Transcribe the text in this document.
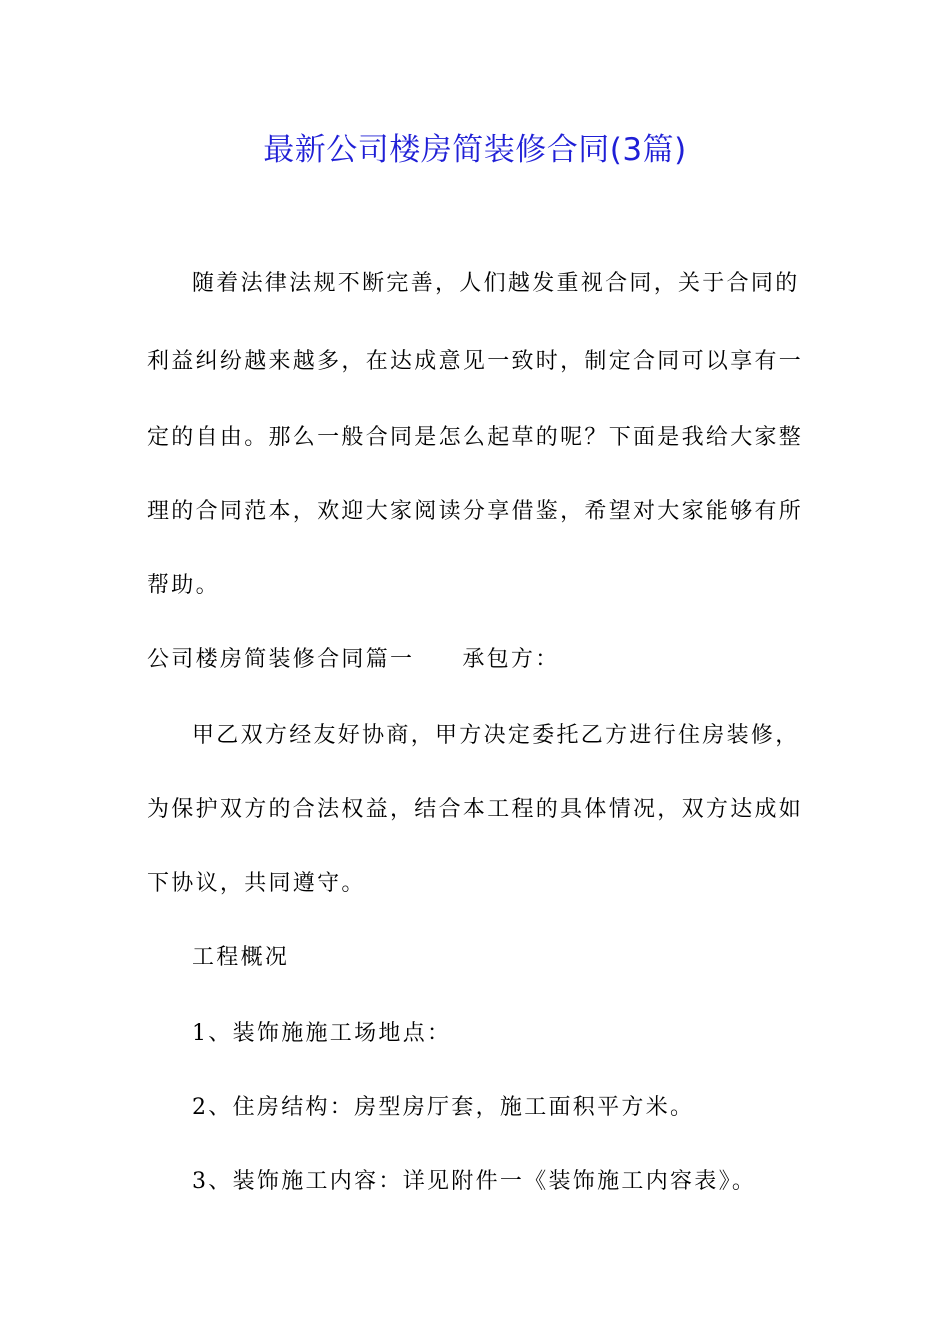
最新公司楼房简装修合同(3篇)
随着法律法规不断完善，人们越发重视合同，关于合同的
利益纠纷越来越多，在达成意见一致时，制定合同可以享有一
定的自由。那么一般合同是怎么起草的呢？下面是我给大家整
理的合同范本，欢迎大家阅读分享借鉴，希望对大家能够有所
帮助。
公司楼房简装修合同篇一 承包方：
甲乙双方经友好协商，甲方决定委托乙方进行住房装修，
为保护双方的合法权益，结合本工程的具体情况，双方达成如
下协议，共同遵守。
工程概况
1、装饰施施工场地点：
2、住房结构：房型房厅套，施工面积平方米。
3、装饰施工内容：详见附件一《装饰施工内容表》。
